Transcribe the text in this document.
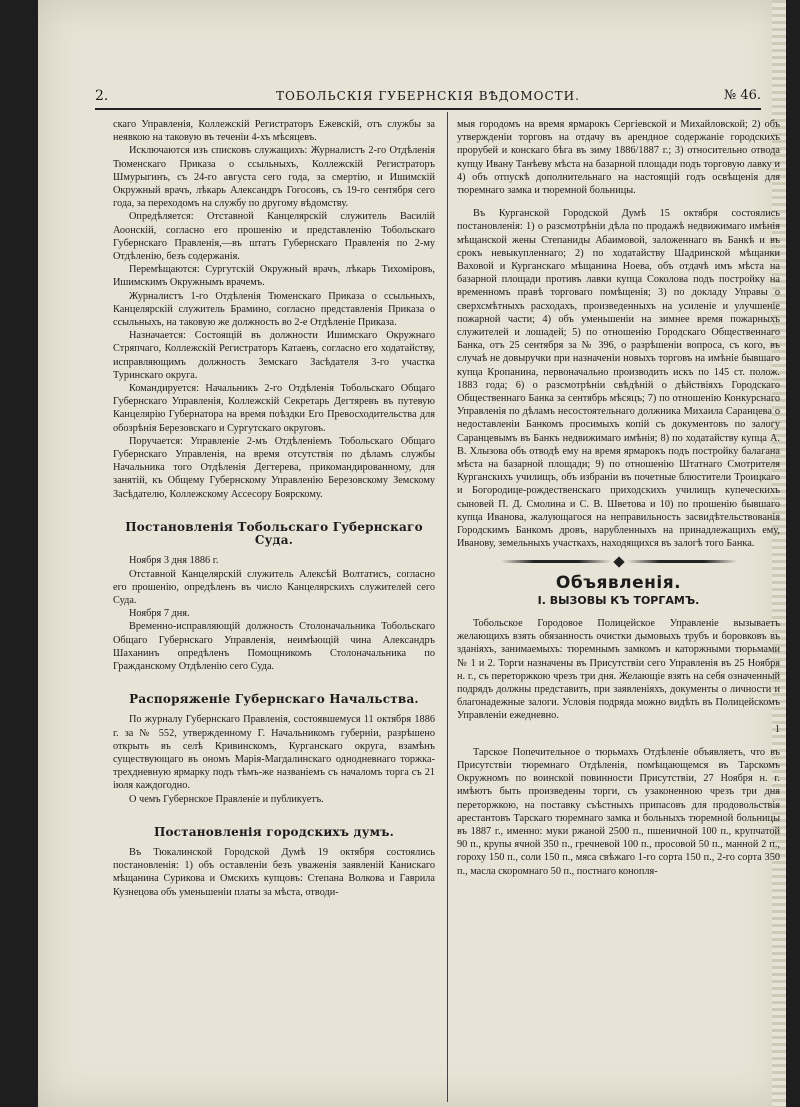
2.	ТОБОЛЬСКІЯ ГУБЕРНСКІЯ ВѢДОМОСТИ.	№ 46.

скаго Управленія, Коллежскій Регистраторъ Ежевскій, отъ службы за неявкою на таковую въ теченіи 4-хъ мѣсяцевъ.

Исключаются изъ списковъ служащихъ: Журналистъ 2-го Отдѣленія Тюменскаго Приказа о ссыльныхъ, Коллежскій Регистраторъ Шмурыгинъ, съ 24-го августа сего года, за смертію, и Ишимскій Окружный врачъ, лѣкарь Александръ Гогосовъ, съ 19-го сентября сего года, за переходомъ на службу по другому вѣдомству.

Опредѣляется: Отставной Канцелярскій служитель Василій Аоонскій, согласно его прошенію и представленію Тобольскаго Губернскаго Правленія,—въ штатъ Губернскаго Правленія по 2-му Отдѣленію, безъ содержанія.

Перемѣщаются: Сургутскій Окружный врачъ, лѣкарь Тихоміровъ, Ишимскимъ Окружнымъ врачемъ.

Журналистъ 1-го Отдѣленія Тюменскаго Приказа о ссыльныхъ, Канцелярскій служитель Брамино, согласно представленія Приказа о ссыльныхъ, на таковую же должность во 2-е Отдѣленіе Приказа.

Назначается: Состоящій въ должности Ишимскаго Окружнаго Стряпчаго, Коллежскій Регистраторъ Катаевъ, согласно его ходатайству, исправляющимъ должность Земскаго Засѣдателя 3-го участка Туринскаго округа.

Командируется: Начальникъ 2-го Отдѣленія Тобольскаго Общаго Губернскаго Управленія, Коллежскій Секретарь Дегтяревъ въ путевую Канцелярію Губернатора на время поѣздки Его Превосходительства для обозрѣнія Березовскаго и Сургутскаго округовъ.

Поручается: Управленіе 2-мъ Отдѣленіемъ Тобольскаго Общаго Губернскаго Управленія, на время отсутствія по дѣламъ службы Начальника того Отдѣленія Дегтерева, прикомандированному, для занятій, къ Общему Губернскому Управленію Березовскому Земскому Засѣдателю, Коллежскому Ассесору Боярскому.

Постановленія Тобольскаго Губернскаго Суда.

Ноября 3 дня 1886 г.

Отставной Канцелярскій служитель Алексѣй Волтатисъ, согласно его прошенію, опредѣленъ въ число Канцелярскихъ служителей сего Суда.

Ноября 7 дня.

Временно-исправляющій должность Столоначальника Тобольскаго Общаго Губернскаго Управленія, неимѣющій чина Александръ Шаханинъ опредѣленъ Помощникомъ Столоначальника по Гражданскому Отдѣленію сего Суда.

Распоряженіе Губернскаго Начальства.

По журналу Губернскаго Правленія, состоявшемуся 11 октября 1886 г. за № 552, утвержденному Г. Начальникомъ губерніи, разрѣшено открыть въ селѣ Кривинскомъ, Курганскаго округа, взамѣнъ существующаго въ ономъ Марія-Магдалинскаго однодневнаго торжка-трехдневную ярмарку подъ тѣмъ-же названіемъ съ началомъ торга съ 21 іюля каждогодно.

О чемъ Губернское Правленіе и публикуетъ.

Постановленія городскихъ думъ.

Въ Тюкалинской Городской Думѣ 19 октября состоялись постановленія: 1) объ оставленіи безъ уваженія заявленій Канискаго мѣщанина Сурикова и Омскихъ купцовъ: Степана Волкова и Гаврила Кузнецова объ уменьшеніи платы за мѣста, отводи-

мыя городомъ на время ярмарокъ Сергіевской и Михайловской; 2) объ утвержденіи торговъ на отдачу въ арендное содержаніе городскихъ прорубей и конскаго бѣга въ зиму 1886/1887 г.; 3) относительно отвода купцу Ивану Танѣеву мѣста на базарной площади подъ торговую лавку и 4) объ отпускѣ дополнительнаго на настоящій годъ освѣщенія для тюремнаго замка и тюремной больницы.

Въ Курганской Городской Думѣ 15 октября состоялись постановленія: 1) о разсмотрѣніи дѣла по продажѣ недвижимаго имѣнія мѣщанской жены Степаниды Абаимовой, заложеннаго въ Банкѣ и въ срокъ невыкупленнаго; 2) по ходатайству Шадринской мѣщанки Ваховой и Курганскаго мѣщанина Ноева, объ отдачѣ имъ мѣста на базарной площади противъ лавки купца Соколова подъ постройку на временномъ правѣ торговаго помѣщенія; 3) по докладу Управы о сверхсмѣтныхъ расходахъ, произведенныхъ на усиленіе и улучшеніе пожарной части; 4) объ уменьшеніи на зимнее время пожарныхъ служителей и лошадей; 5) по отношенію Городскаго Общественнаго Банка, отъ 25 сентября за № 396, о разрѣшеніи вопроса, съ кого, въ случаѣ не довыручки при назначеніи новыхъ торговъ на имѣніе бывшаго купца Кропанина, первоначально производить искъ по 145 ст. полож. 1883 года; 6) о разсмотрѣніи свѣдѣній о дѣйствіяхъ Городскаго Общественнаго Банка за сентябрь мѣсяцъ; 7) по отношенію Конкурснаго Управленія по дѣламъ несостоятельнаго должника Михаила Саранцева о недоставленіи Банкомъ просимыхъ копій съ документовъ по залогу Саранцевымъ въ Банкъ недвижимаго имѣнія; 8) по ходатайству купца А. В. Хлызова объ отводѣ ему на время ярмарокъ подъ постройку балагана мѣста на базарной площади; 9) по отношенію Штатнаго Смотрителя Курганскихъ училищъ, объ избраніи въ почетные блюстители Троицкаго и Богородице-рождественскаго приходскихъ училищъ купеческихъ сыновей П. Д. Смолина и С. В. Шветова и 10) по прошенію бывшаго купца Иванова, жалующагося на неправильность засвидѣтельствованія Городскимъ Банкомъ дровъ, нарубленныхъ на принадлежащихъ ему, Иванову, земельныхъ участкахъ, находящихся въ залогѣ того Банка.

Объявленія.
I. ВЫЗОВЫ КЪ ТОРГАМЪ.

Тобольское Городовое Полицейское Управленіе вызываетъ желающихъ взять обязанность очистки дымовыхъ трубъ и боровковъ въ зданіяхъ, занимаемыхъ: тюремнымъ замкомъ и каторжными тюрьмами № 1 и 2. Торги назначены въ Присутствіи сего Управленія въ 25 Ноября н. г., съ переторжкою чрезъ три дня. Желающіе взять на себя означенный подрядъ должны представить, при заявленіяхъ, документы о личности и благонадежные залоги. Условія подряда можно видѣть въ Полицейскомъ Управленіи ежедневно.

1

Тарское Попечительное о тюрьмахъ Отдѣленіе объявляетъ, что въ Присутствіи тюремнаго Отдѣленія, помѣщающемся въ Тарскомъ Окружномъ по воинской повинности Присутствіи, 27 Ноября н. г. имѣютъ быть произведены торги, съ узаконенною чрезъ три дня переторжкою, на поставку съѣстныхъ припасовъ для продовольствія арестантовъ Тарскаго тюремнаго замка и больныхъ тюремной больницы въ 1887 г., именно: муки ржаной 2500 п., пшеничной 100 п., крупчатой 90 п., крупы ячной 350 п., гречневой 100 п., просовой 50 п., манной 2 п., гороху 150 п., соли 150 п., мяса свѣжаго 1-го сорта 150 п., 2-го сорта 350 п., масла скоромнаго 50 п., постнаго конопля-
